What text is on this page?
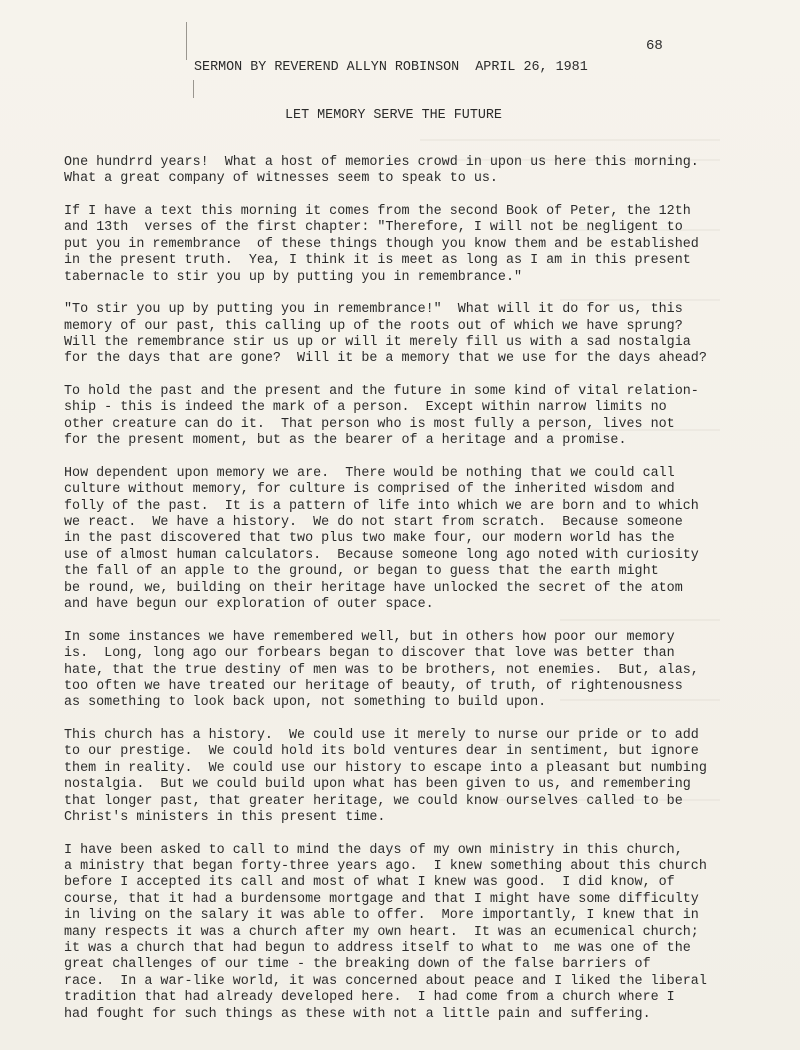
68
SERMON BY REVEREND ALLYN ROBINSON  APRIL 26, 1981
LET MEMORY SERVE THE FUTURE
One hundrrd years!  What a host of memories crowd in upon us here this morning.
What a great company of witnesses seem to speak to us.
If I have a text this morning it comes from the second Book of Peter, the 12th
and 13th  verses of the first chapter: "Therefore, I will not be negligent to
put you in remembrance  of these things though you know them and be established
in the present truth.  Yea, I think it is meet as long as I am in this present
tabernacle to stir you up by putting you in remembrance."
"To stir you up by putting you in remembrance!"  What will it do for us, this
memory of our past, this calling up of the roots out of which we have sprung?
Will the remembrance stir us up or will it merely fill us with a sad nostalgia
for the days that are gone?  Will it be a memory that we use for the days ahead?
To hold the past and the present and the future in some kind of vital relation-
ship - this is indeed the mark of a person.  Except within narrow limits no
other creature can do it.  That person who is most fully a person, lives not
for the present moment, but as the bearer of a heritage and a promise.
How dependent upon memory we are.  There would be nothing that we could call
culture without memory, for culture is comprised of the inherited wisdom and
folly of the past.  It is a pattern of life into which we are born and to which
we react.  We have a history.  We do not start from scratch.  Because someone
in the past discovered that two plus two make four, our modern world has the
use of almost human calculators.  Because someone long ago noted with curiosity
the fall of an apple to the ground, or began to guess that the earth might
be round, we, building on their heritage have unlocked the secret of the atom
and have begun our exploration of outer space.
In some instances we have remembered well, but in others how poor our memory
is.  Long, long ago our forbears began to discover that love was better than
hate, that the true destiny of men was to be brothers, not enemies.  But, alas,
too often we have treated our heritage of beauty, of truth, of rightenousness
as something to look back upon, not something to build upon.
This church has a history.  We could use it merely to nurse our pride or to add
to our prestige.  We could hold its bold ventures dear in sentiment, but ignore
them in reality.  We could use our history to escape into a pleasant but numbing
nostalgia.  But we could build upon what has been given to us, and remembering
that longer past, that greater heritage, we could know ourselves called to be
Christ's ministers in this present time.
I have been asked to call to mind the days of my own ministry in this church,
a ministry that began forty-three years ago.  I knew something about this church
before I accepted its call and most of what I knew was good.  I did know, of
course, that it had a burdensome mortgage and that I might have some difficulty
in living on the salary it was able to offer.  More importantly, I knew that in
many respects it was a church after my own heart.  It was an ecumenical church;
it was a church that had begun to address itself to what to  me was one of the
great challenges of our time - the breaking down of the false barriers of
race.  In a war-like world, it was concerned about peace and I liked the liberal
tradition that had already developed here.  I had come from a church where I
had fought for such things as these with not a little pain and suffering.
